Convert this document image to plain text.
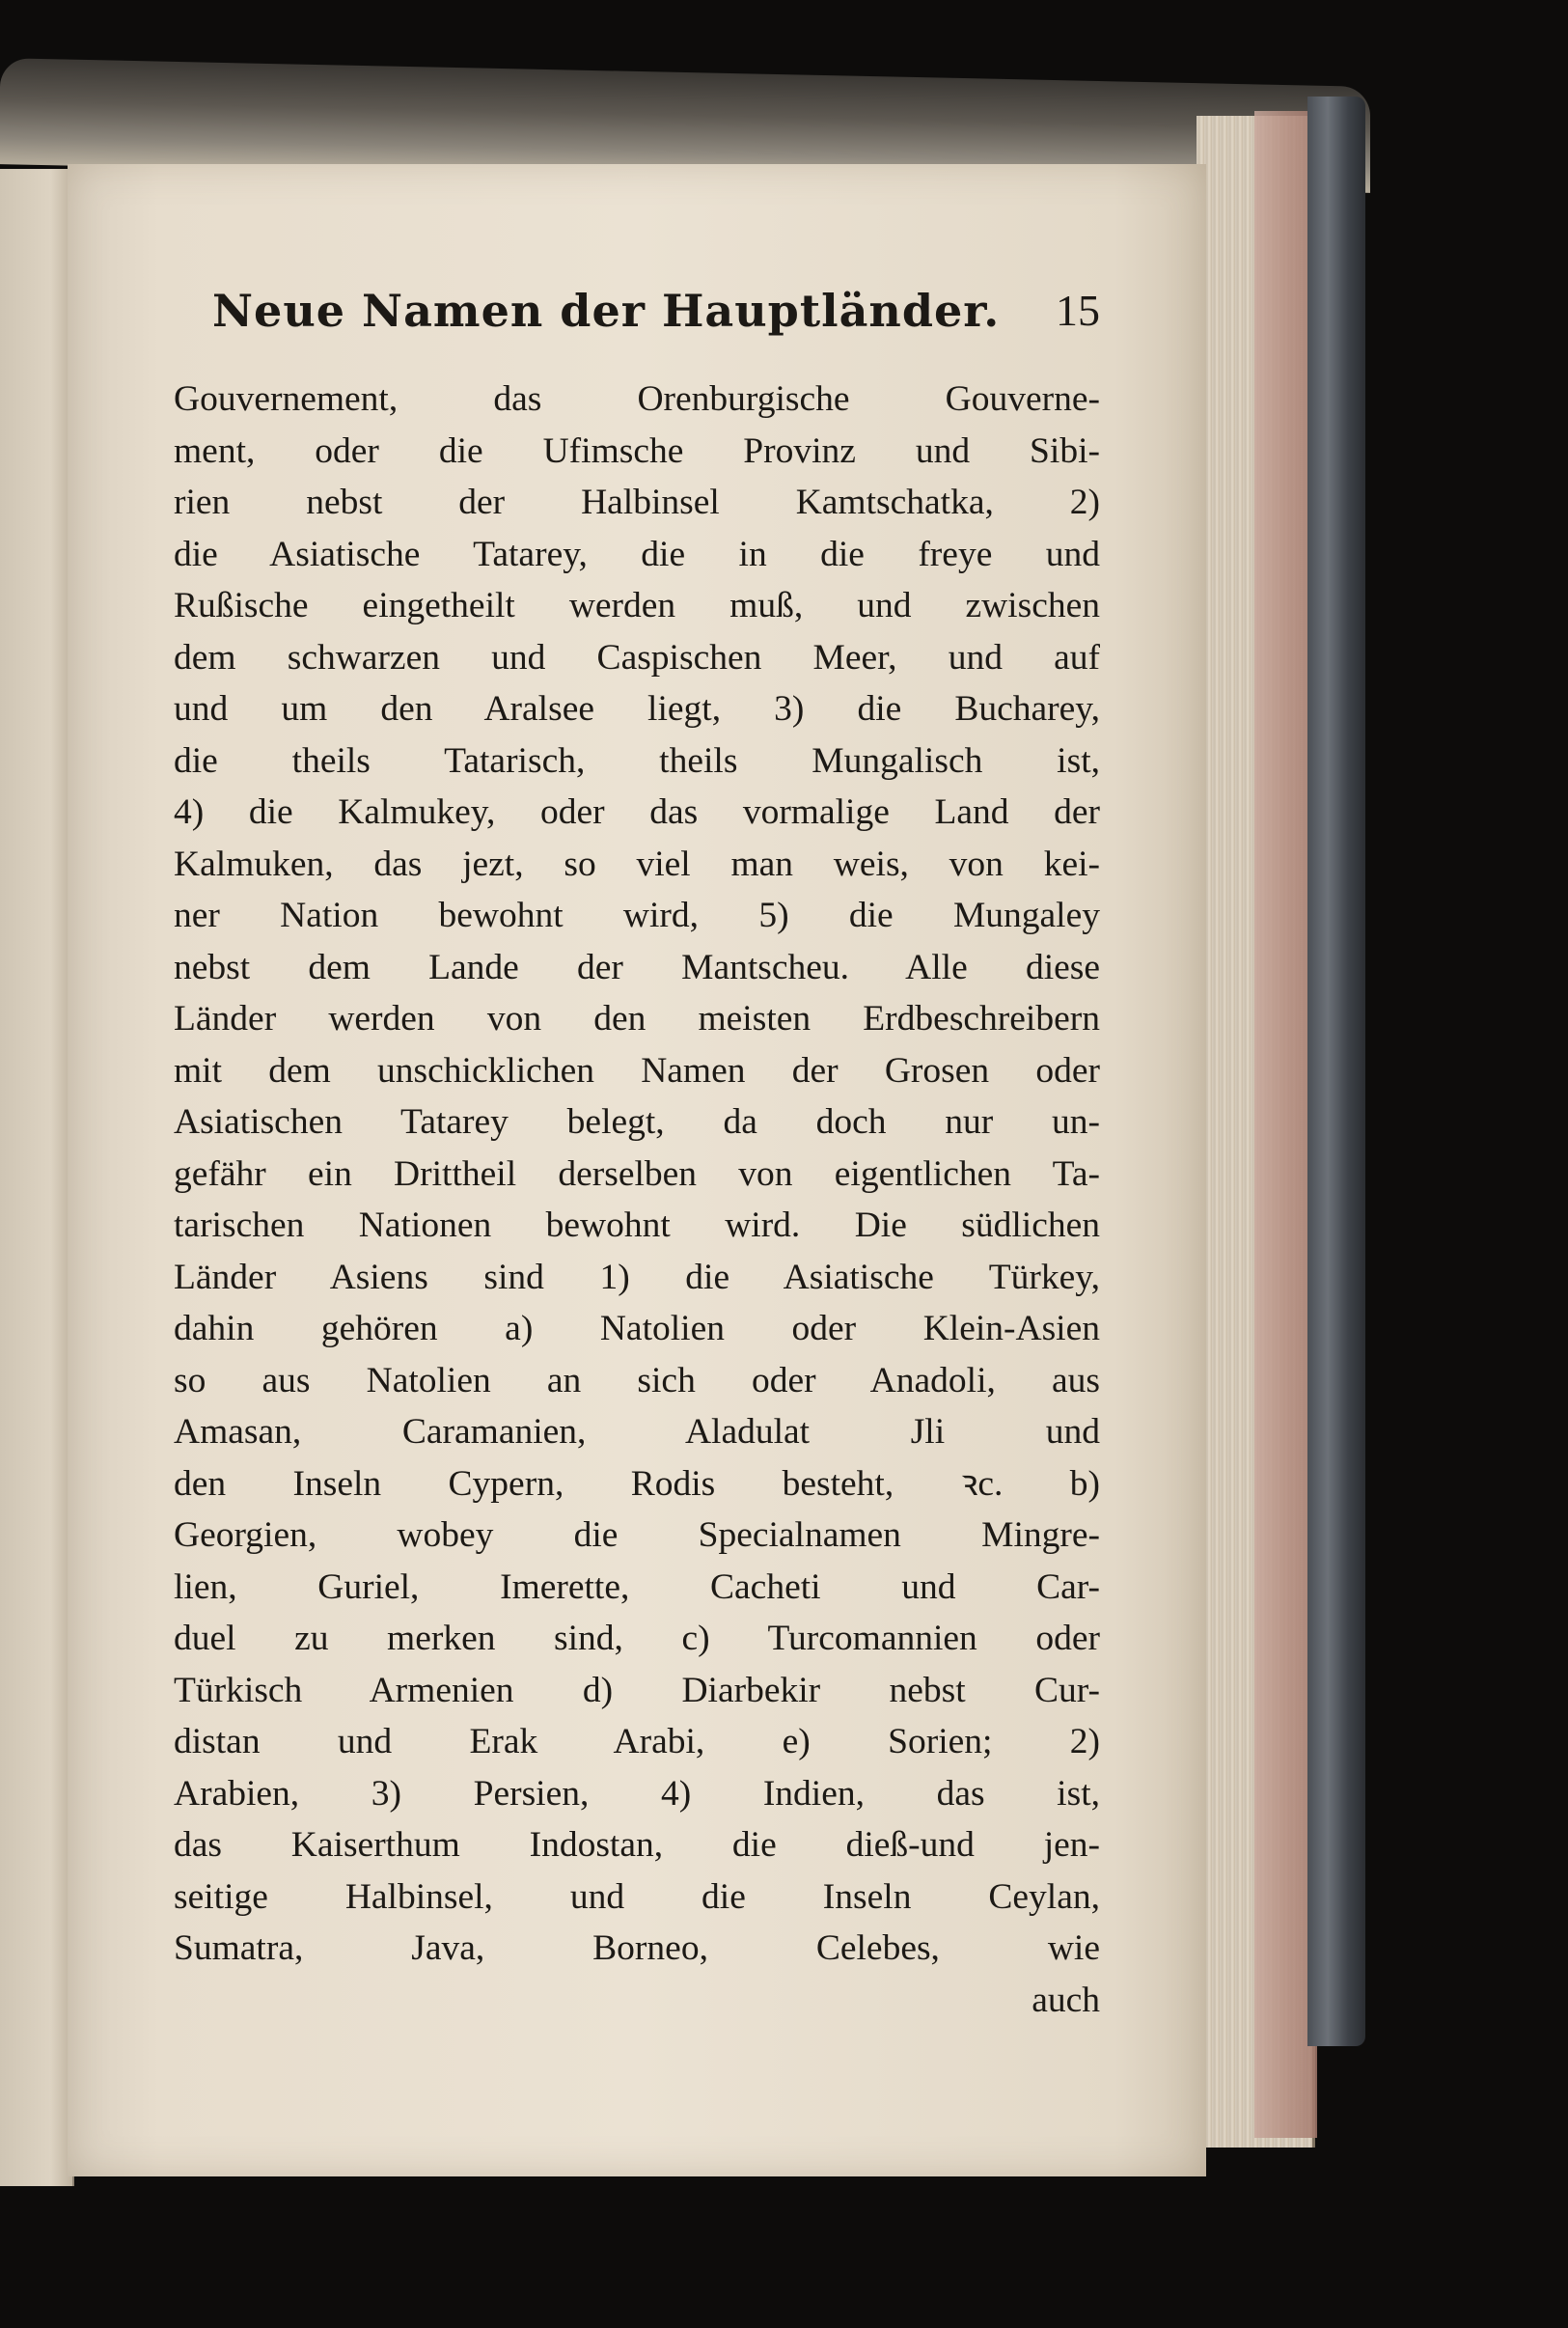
Neue Namen der Hauptländer. 15
Gouvernement, das Orenburgische Gouverne-
ment, oder die Ufimsche Provinz und Sibi-
rien nebst der Halbinsel Kamtschatka, 2)
die Asiatische Tatarey, die in die freye und
Rußische eingetheilt werden muß, und zwischen
dem schwarzen und Caspischen Meer, und auf
und um den Aralsee liegt, 3) die Bucharey,
die theils Tatarisch, theils Mungalisch ist,
4) die Kalmukey, oder das vormalige Land der
Kalmuken, das jezt, so viel man weis, von kei-
ner Nation bewohnt wird, 5) die Mungaley
nebst dem Lande der Mantscheu. Alle diese
Länder werden von den meisten Erdbeschreibern
mit dem unschicklichen Namen der Grosen oder
Asiatischen Tatarey belegt, da doch nur un-
gefähr ein Drittheil derselben von eigentlichen Ta-
tarischen Nationen bewohnt wird. Die südlichen
Länder Asiens sind 1) die Asiatische Türkey,
dahin gehören a) Natolien oder Klein-Asien
so aus Natolien an sich oder Anadoli, aus
Amasan, Caramanien, Aladulat Jli und
den Inseln Cypern, Rodis besteht, ꝛc. b)
Georgien, wobey die Specialnamen Mingre-
lien, Guriel, Imerette, Cacheti und Car-
duel zu merken sind, c) Turcomannien oder
Türkisch Armenien d) Diarbekir nebst Cur-
distan und Erak Arabi, e) Sorien; 2)
Arabien, 3) Persien, 4) Indien, das ist,
das Kaiserthum Indostan, die dieß-und jen-
seitige Halbinsel, und die Inseln Ceylan,
Sumatra, Java, Borneo, Celebes, wie
auch
